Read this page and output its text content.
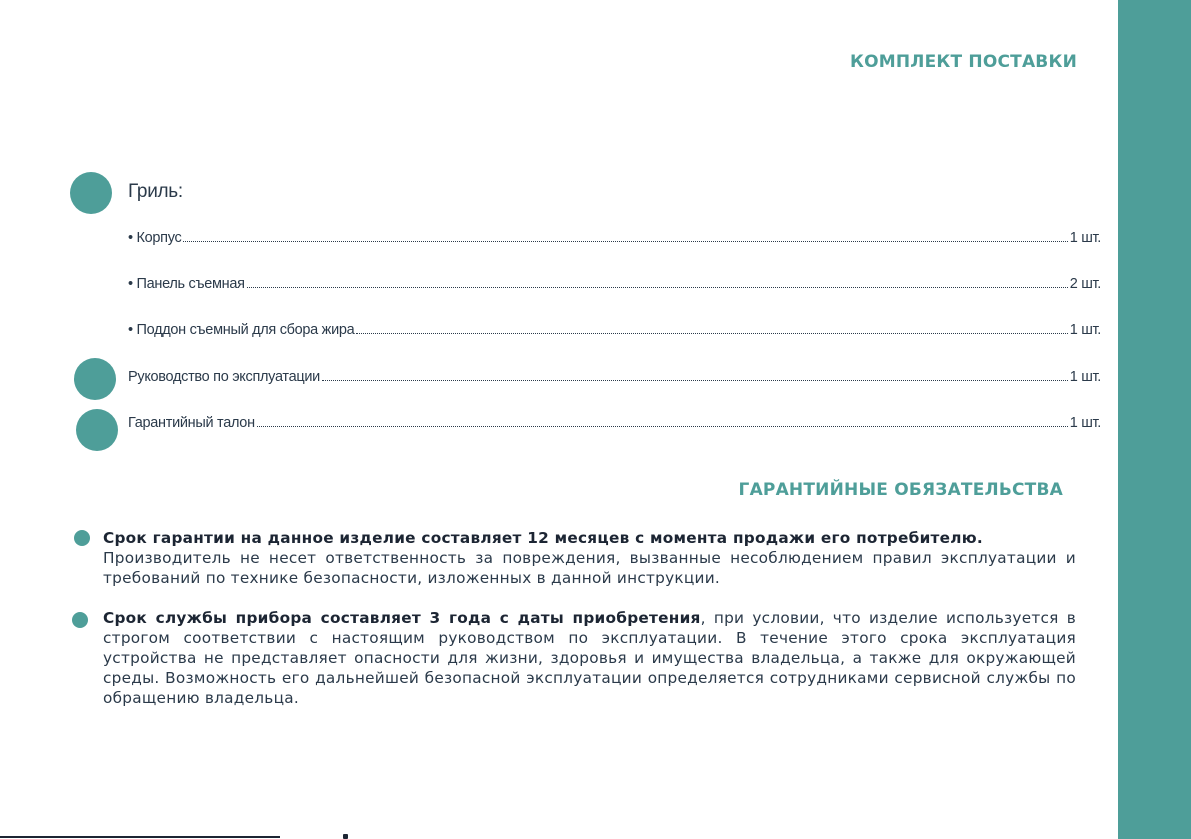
КОМПЛЕКТ ПОСТАВКИ
Гриль:
• Корпус	1 шт.
• Панель съемная	2 шт.
• Поддон съемный для сбора жира	1 шт.
Руководство по эксплуатации	1 шт.
Гарантийный талон	1 шт.
ГАРАНТИЙНЫЕ ОБЯЗАТЕЛЬСТВА
Срок гарантии на данное изделие составляет 12 месяцев с момента продажи его потребителю.
Производитель не несет ответственность за повреждения, вызванные несоблюдением правил эксплуатации и требований по технике безопасности, изложенных в данной инструкции.
Срок службы прибора составляет 3 года с даты приобретения, при условии, что изделие используется в строгом соответствии с настоящим руководством по эксплуатации. В течение этого срока эксплуатация устройства не представляет опасности для жизни, здоровья и имущества владельца, а также для окружающей среды. Возможность его дальнейшей безопасной эксплуатации определяется сотрудниками сервисной службы по обращению владельца.
